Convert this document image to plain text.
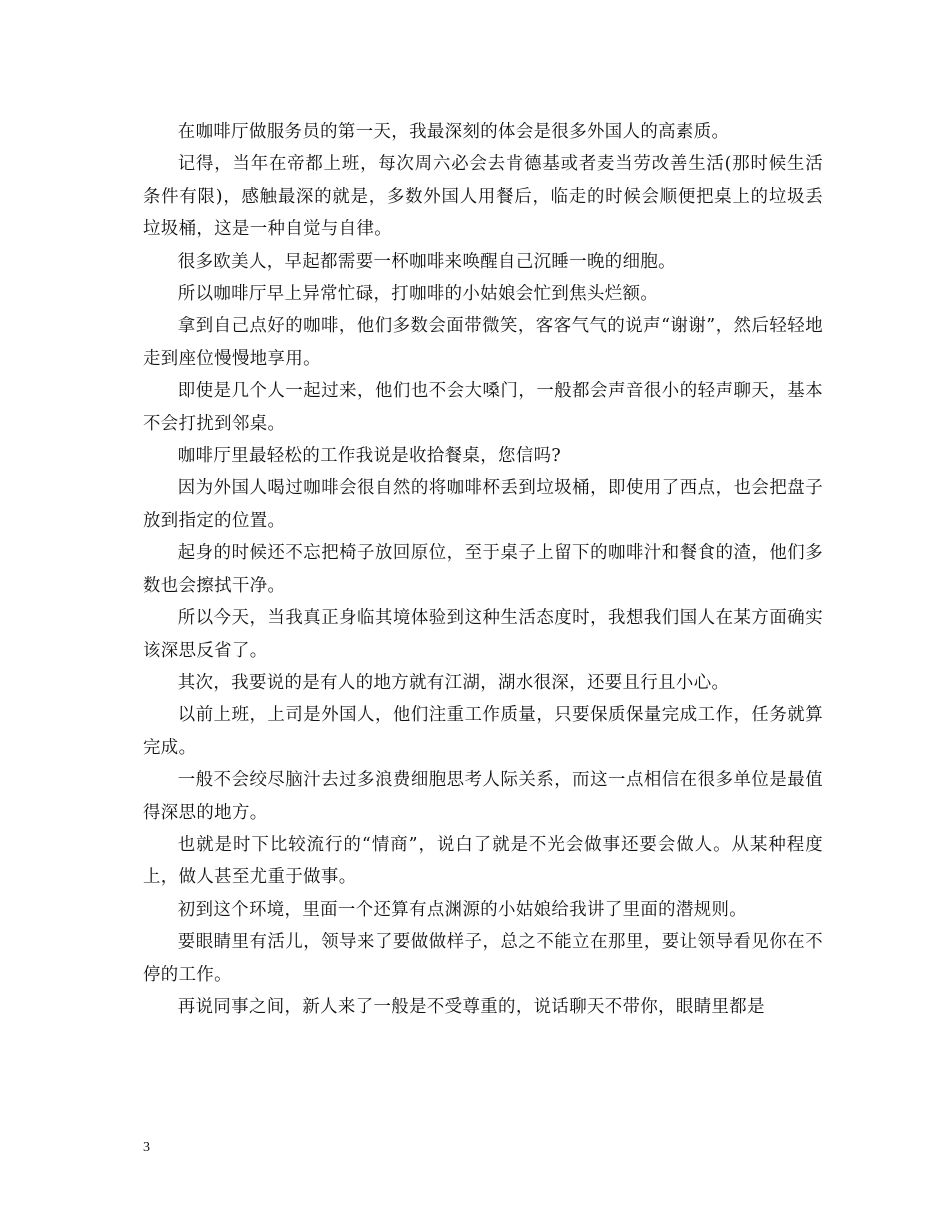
在咖啡厅做服务员的第一天，我最深刻的体会是很多外国人的高素质。

记得，当年在帝都上班，每次周六必会去肯德基或者麦当劳改善生活(那时候生活条件有限)，感触最深的就是，多数外国人用餐后，临走的时候会顺便把桌上的垃圾丢垃圾桶，这是一种自觉与自律。

很多欧美人，早起都需要一杯咖啡来唤醒自己沉睡一晚的细胞。

所以咖啡厅早上异常忙碌，打咖啡的小姑娘会忙到焦头烂额。

拿到自己点好的咖啡，他们多数会面带微笑，客客气气的说声“谢谢”，然后轻轻地走到座位慢慢地享用。

即使是几个人一起过来，他们也不会大嗓门，一般都会声音很小的轻声聊天，基本不会打扰到邻桌。

咖啡厅里最轻松的工作我说是收拾餐桌，您信吗?

因为外国人喝过咖啡会很自然的将咖啡杯丢到垃圾桶，即使用了西点，也会把盘子放到指定的位置。

起身的时候还不忘把椅子放回原位，至于桌子上留下的咖啡汁和餐食的渣，他们多数也会擦拭干净。

所以今天，当我真正身临其境体验到这种生活态度时，我想我们国人在某方面确实该深思反省了。

其次，我要说的是有人的地方就有江湖，湖水很深，还要且行且小心。

以前上班，上司是外国人，他们注重工作质量，只要保质保量完成工作，任务就算完成。

一般不会绞尽脑汁去过多浪费细胞思考人际关系，而这一点相信在很多单位是最值得深思的地方。

也就是时下比较流行的“情商”，说白了就是不光会做事还要会做人。从某种程度上，做人甚至尤重于做事。

初到这个环境，里面一个还算有点渊源的小姑娘给我讲了里面的潜规则。

要眼睛里有活儿，领导来了要做做样子，总之不能立在那里，要让领导看见你在不停的工作。

再说同事之间，新人来了一般是不受尊重的，说话聊天不带你，眼睛里都是

3
